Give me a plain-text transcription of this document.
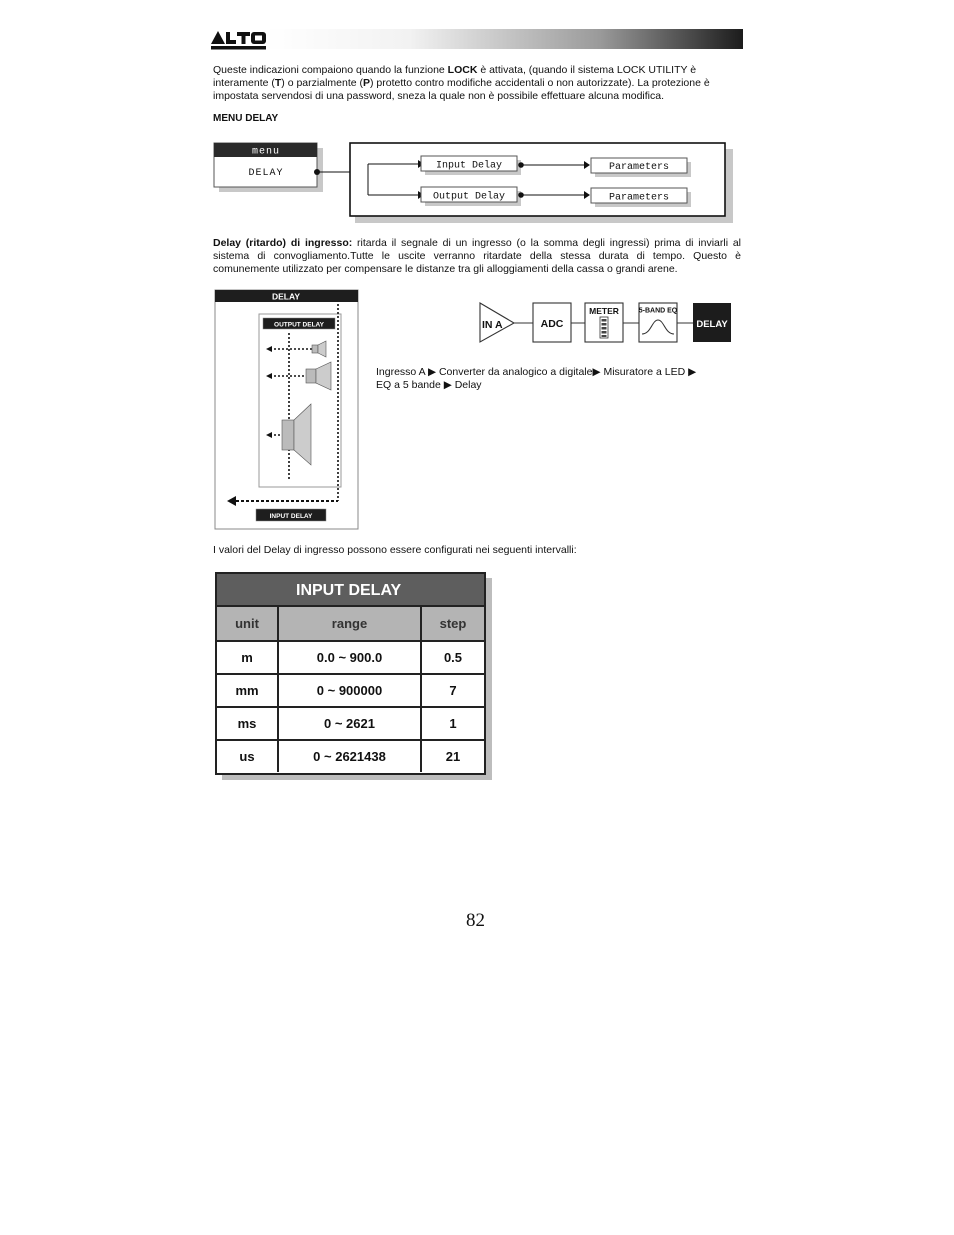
Queste indicazioni compaiono quando la funzione LOCK è attivata, (quando il sistema LOCK UTILITY è
interamente (T) o parzialmente (P) protetto contro modifiche accidentali o non autorizzate). La protezione è
impostata servendosi di una password, sneza la quale non è possibile effettuare alcuna modifica.
MENU DELAY
menu
DELAY
Input Delay
Output Delay
Parameters
Parameters
Delay (ritardo) di ingresso: ritarda il segnale di un ingresso (o la somma degli ingressi) prima di inviarli al sistema di convogliamento.Tutte le uscite verranno ritardate della stessa durata di tempo. Questo è comunemente utilizzato per compensare le distanze tra gli alloggiamenti della cassa o grandi arene.
DELAY
OUTPUT DELAY
INPUT DELAY
IN A	ADC
METER	5-BAND EQ
DELAY
Ingresso A ▶ Converter da analogico a digitale▶ Misuratore a LED ▶
EQ a 5 bande ▶ Delay
I valori del Delay di ingresso possono essere configurati nei seguenti intervalli:
INPUT DELAY
unit	range	step
m	0.0 ~ 900.0	0.5
mm	0 ~ 900000	7
ms	0 ~ 2621	1
us	0 ~ 2621438	21
82
